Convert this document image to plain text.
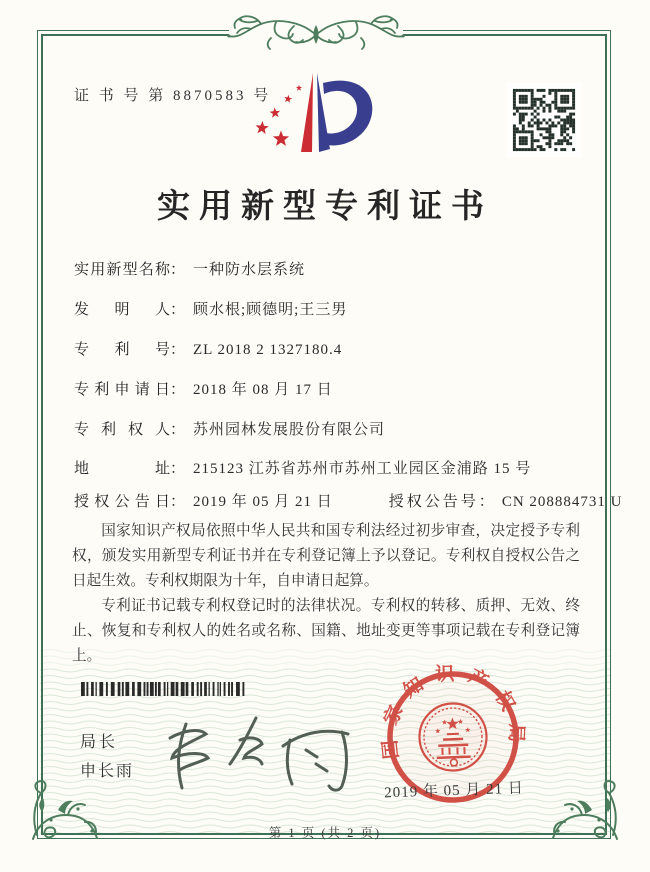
证 书 号 第 8870583 号
实用新型专利证书
实用新型名称： 一种防水层系统
发明人： 顾水根;顾德明;王三男
专利号： ZL 2018 2 1327180.4
专利申请日： 2018 年 08 月 17 日
专利权人： 苏州园林发展股份有限公司
地址： 215123 江苏省苏州市苏州工业园区金浦路 15 号
授权公告日： 2019 年 05 月 21 日	授权公告号： CN 208884731 U

国家知识产权局依照中华人民共和国专利法经过初步审查，决定授予专利权，颁发实用新型专利证书并在专利登记簿上予以登记。专利权自授权公告之日起生效。专利权期限为十年，自申请日起算。

专利证书记载专利权登记时的法律状况。专利权的转移、质押、无效、终止、恢复和专利权人的姓名或名称、国籍、地址变更等事项记载在专利登记簿上。

局长
申长雨
国家知识产权局
2019 年 05 月 21 日
第 1 页 (共 2 页)
